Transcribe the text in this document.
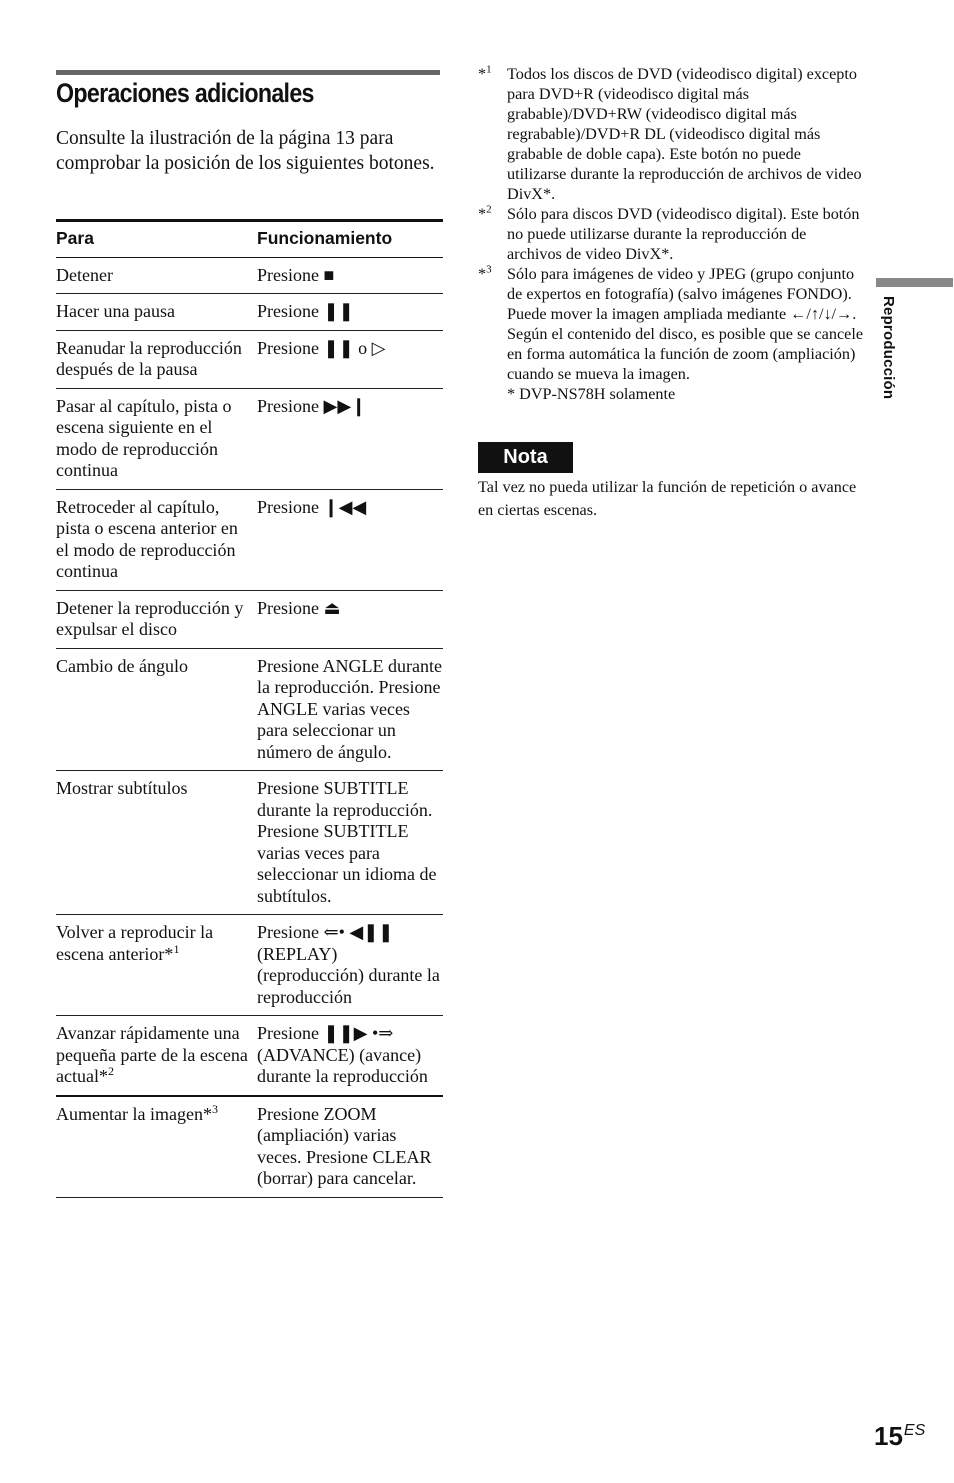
Operaciones adicionales
Consulte la ilustración de la página 13 para comprobar la posición de los siguientes botones.
Para	Funcionamiento
Detener	Presione ■
Hacer una pausa	Presione ❚❚
Reanudar la reproducción después de la pausa	Presione ❚❚ o ▷
Pasar al capítulo, pista o escena siguiente en el modo de reproducción continua	Presione ▶▶❙
Retroceder al capítulo, pista o escena anterior en el modo de reproducción continua	Presione ❙◀◀
Detener la reproducción y expulsar el disco	Presione ⏏
Cambio de ángulo	Presione ANGLE durante la reproducción. Presione ANGLE varias veces para seleccionar un número de ángulo.
Mostrar subtítulos	Presione SUBTITLE durante la reproducción. Presione SUBTITLE varias veces para seleccionar un idioma de subtítulos.
Volver a reproducir la escena anterior*$^1$	Presione ⇐• ◀❚❚ (REPLAY) (reproducción) durante la reproducción
Avanzar rápidamente una pequeña parte de la escena actual*$^2$	Presione ❚❚▶ •⇒ (ADVANCE) (avance) durante la reproducción
Aumentar la imagen*$^3$	Presione ZOOM (ampliación) varias veces. Presione CLEAR (borrar) para cancelar.
*$^1$ Todos los discos de DVD (videodisco digital) excepto para DVD+R (videodisco digital más grabable)/DVD+RW (videodisco digital más regrabable)/DVD+R DL (videodisco digital más grabable de doble capa). Este botón no puede utilizarse durante la reproducción de archivos de video DivX*.
*$^2$ Sólo para discos DVD (videodisco digital). Este botón no puede utilizarse durante la reproducción de archivos de video DivX*.
*$^3$ Sólo para imágenes de video y JPEG (grupo conjunto de expertos en fotografía) (salvo imágenes FONDO). Puede mover la imagen ampliada mediante ←/↑/↓/→. Según el contenido del disco, es posible que se cancele en forma automática la función de zoom (ampliación) cuando se mueva la imagen.
* DVP-NS78H solamente
Nota
Tal vez no pueda utilizar la función de repetición o avance en ciertas escenas.
Reproducción
$15^{ES}$
